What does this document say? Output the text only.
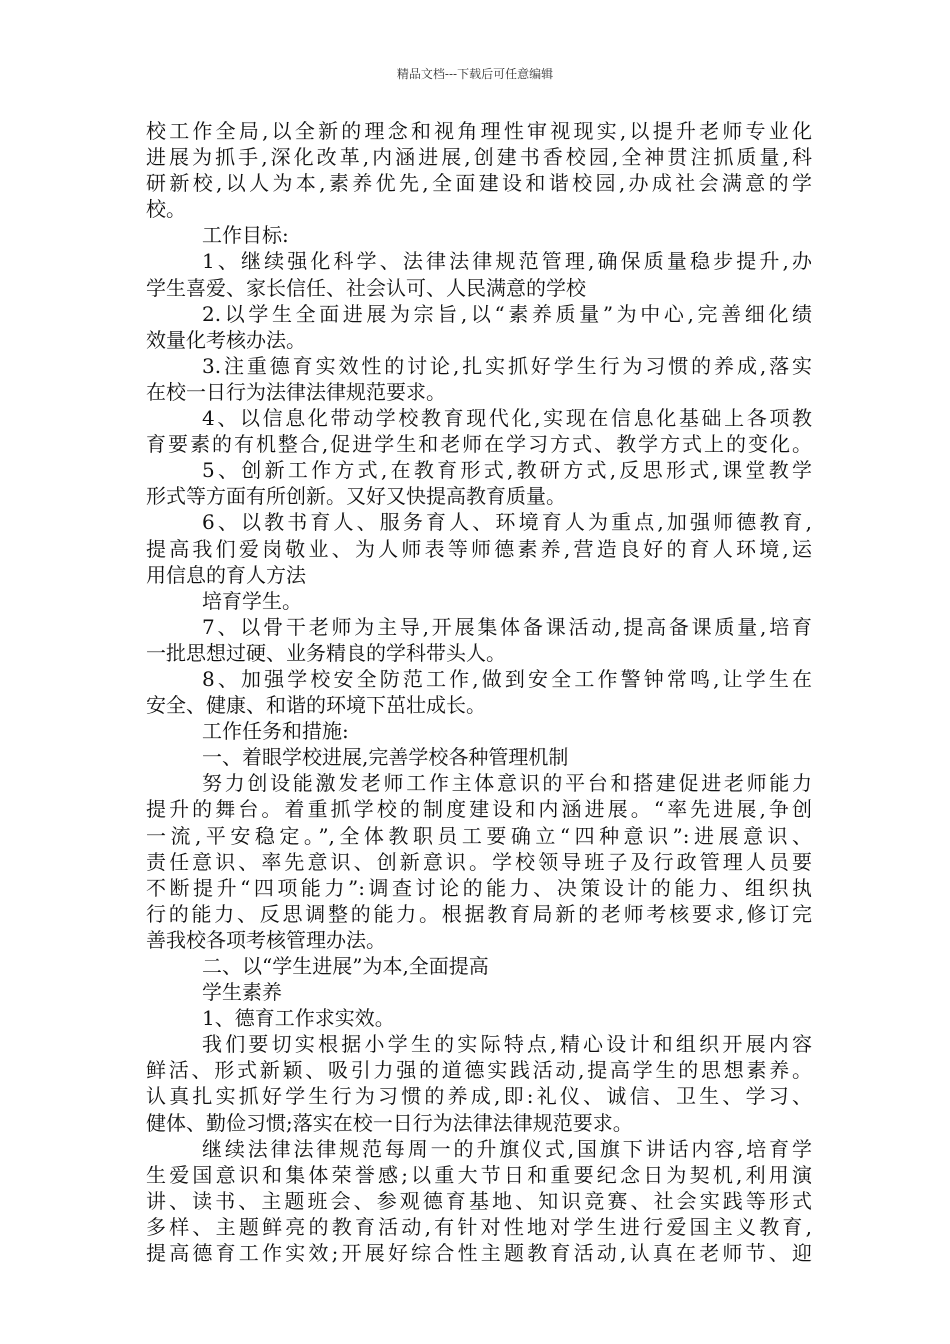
精品文档---下载后可任意编辑
校工作全局,以全新的理念和视角理性审视现实,以提升老师专业化
进展为抓手,深化改革,内涵进展,创建书香校园,全神贯注抓质量,科
研新校,以人为本,素养优先,全面建设和谐校园,办成社会满意的学
校。
工作目标:
1、继续强化科学、法律法律规范管理,确保质量稳步提升,办
学生喜爱、家长信任、社会认可、人民满意的学校
2.以学生全面进展为宗旨,以“素养质量”为中心,完善细化绩
效量化考核办法。
3.注重德育实效性的讨论,扎实抓好学生行为习惯的养成,落实
在校一日行为法律法律规范要求。
4、以信息化带动学校教育现代化,实现在信息化基础上各项教
育要素的有机整合,促进学生和老师在学习方式、教学方式上的变化。
5、创新工作方式,在教育形式,教研方式,反思形式,课堂教学
形式等方面有所创新。又好又快提高教育质量。
6、以教书育人、服务育人、环境育人为重点,加强师德教育,
提高我们爱岗敬业、为人师表等师德素养,营造良好的育人环境,运
用信息的育人方法
培育学生。
7、以骨干老师为主导,开展集体备课活动,提高备课质量,培育
一批思想过硬、业务精良的学科带头人。
8、加强学校安全防范工作,做到安全工作警钟常鸣,让学生在
安全、健康、和谐的环境下茁壮成长。
工作任务和措施:
一、着眼学校进展,完善学校各种管理机制
努力创设能激发老师工作主体意识的平台和搭建促进老师能力
提升的舞台。着重抓学校的制度建设和内涵进展。“率先进展,争创
一流,平安稳定。”,全体教职员工要确立“四种意识”:进展意识、
责任意识、率先意识、创新意识。学校领导班子及行政管理人员要
不断提升“四项能力”:调查讨论的能力、决策设计的能力、组织执
行的能力、反思调整的能力。根据教育局新的老师考核要求,修订完
善我校各项考核管理办法。
二、以“学生进展”为本,全面提高
学生素养
1、德育工作求实效。
我们要切实根据小学生的实际特点,精心设计和组织开展内容
鲜活、形式新颖、吸引力强的道德实践活动,提高学生的思想素养。
认真扎实抓好学生行为习惯的养成,即:礼仪、诚信、卫生、学习、
健体、勤俭习惯;落实在校一日行为法律法律规范要求。
继续法律法律规范每周一的升旗仪式,国旗下讲话内容,培育学
生爱国意识和集体荣誉感;以重大节日和重要纪念日为契机,利用演
讲、读书、主题班会、参观德育基地、知识竞赛、社会实践等形式
多样、主题鲜亮的教育活动,有针对性地对学生进行爱国主义教育,
提高德育工作实效;开展好综合性主题教育活动,认真在老师节、迎
